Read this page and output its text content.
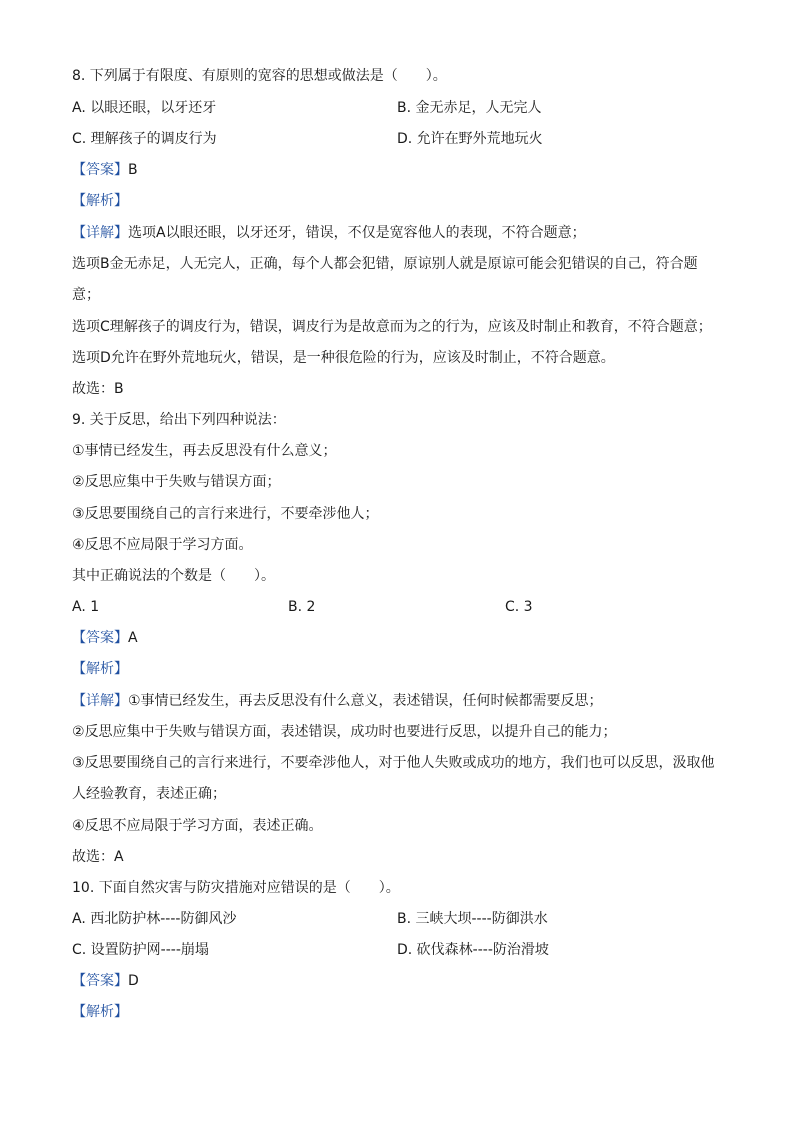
8. 下列属于有限度、有原则的宽容的思想或做法是（　　）。
A. 以眼还眼，以牙还牙	B. 金无赤足，人无完人
C. 理解孩子的调皮行为	D. 允许在野外荒地玩火
【答案】B
【解析】
【详解】选项A以眼还眼，以牙还牙，错误，不仅是宽容他人的表现，不符合题意；
选项B金无赤足，人无完人，正确，每个人都会犯错，原谅别人就是原谅可能会犯错误的自己，符合题
意；
选项C理解孩子的调皮行为，错误，调皮行为是故意而为之的行为，应该及时制止和教育，不符合题意；
选项D允许在野外荒地玩火，错误，是一种很危险的行为，应该及时制止，不符合题意。
故选：B
9. 关于反思，给出下列四种说法：
①事情已经发生，再去反思没有什么意义；
②反思应集中于失败与错误方面；
③反思要围绕自己的言行来进行，不要牵涉他人；
④反思不应局限于学习方面。
其中正确说法的个数是（　　）。
A. 1	B. 2	C. 3
【答案】A
【解析】
【详解】①事情已经发生，再去反思没有什么意义，表述错误，任何时候都需要反思；
②反思应集中于失败与错误方面，表述错误，成功时也要进行反思，以提升自己的能力；
③反思要围绕自己的言行来进行，不要牵涉他人，对于他人失败或成功的地方，我们也可以反思，汲取他
人经验教育，表述正确；
④反思不应局限于学习方面，表述正确。
故选：A
10. 下面自然灾害与防灾措施对应错误的是（　　）。
A. 西北防护林----防御风沙	B. 三峡大坝----防御洪水
C. 设置防护网----崩塌	D. 砍伐森林----防治滑坡
【答案】D
【解析】
